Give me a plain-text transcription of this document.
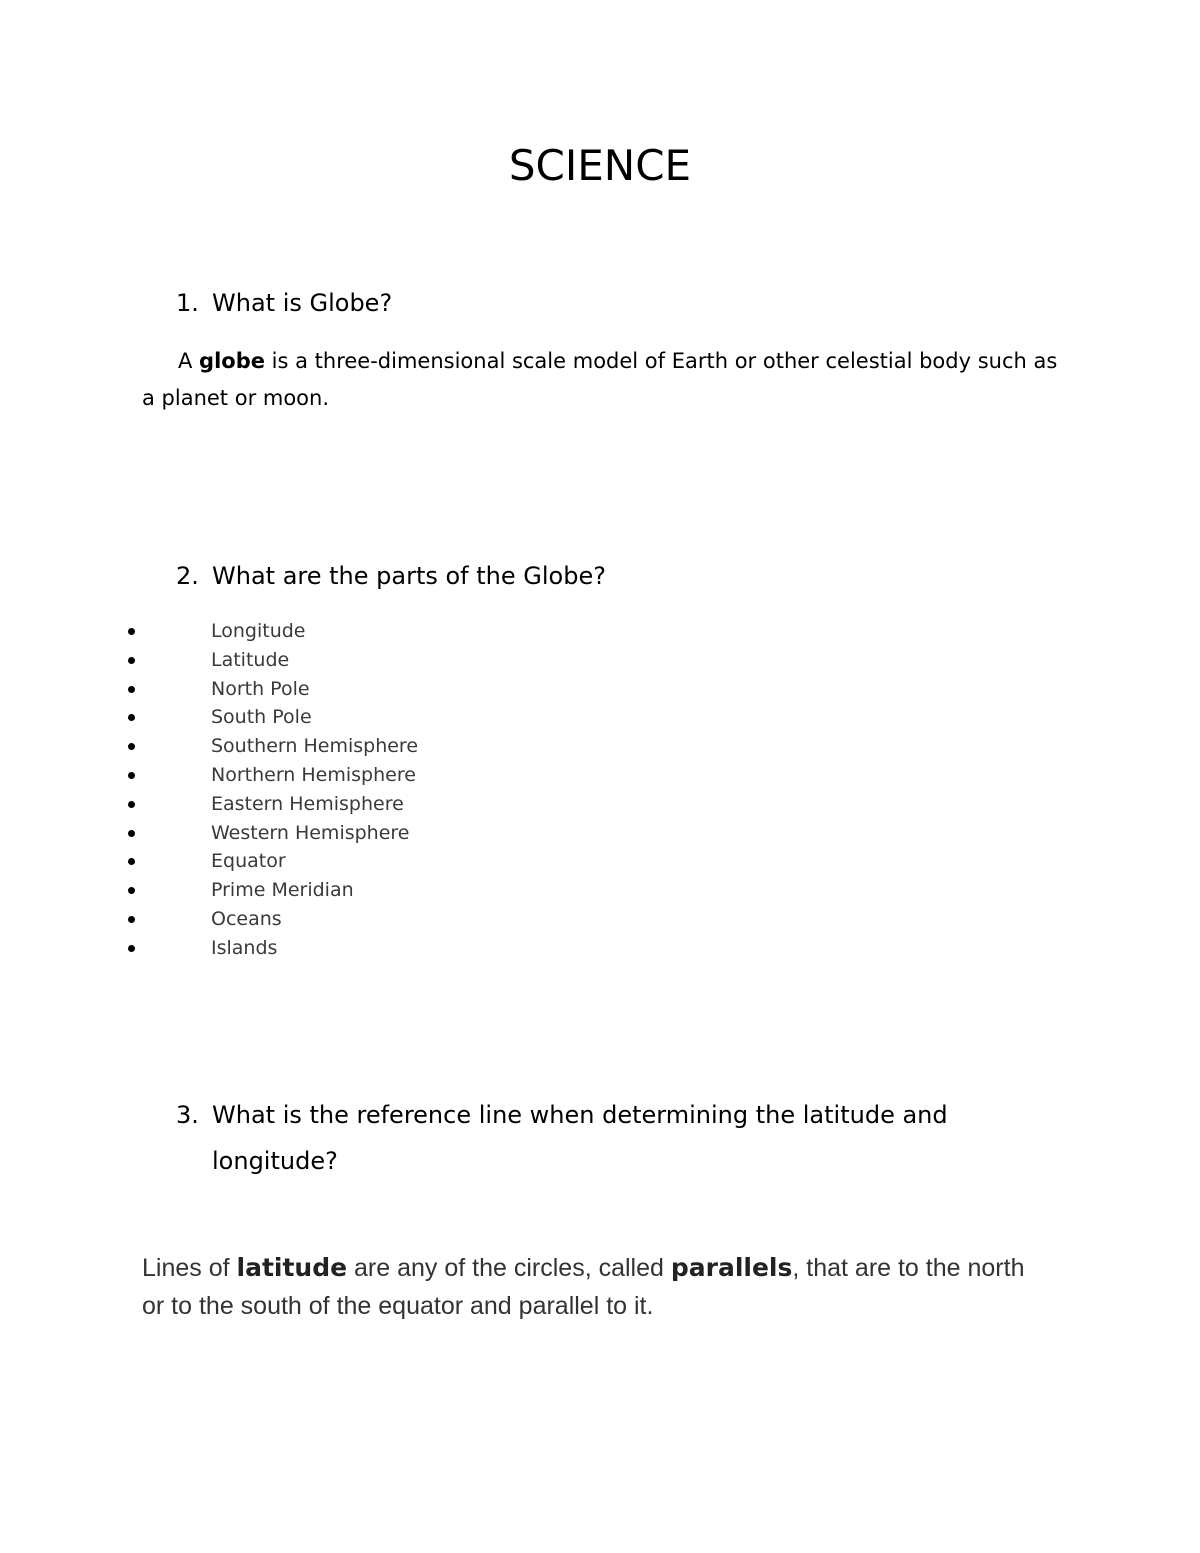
SCIENCE
1. What is Globe?

A globe is a three-dimensional scale model of Earth or other celestial body such as a planet or moon.

2. What are the parts of the Globe?
Longitude
Latitude
North Pole
South Pole
Southern Hemisphere
Northern Hemisphere
Eastern Hemisphere
Western Hemisphere
Equator
Prime Meridian
Oceans
Islands
3. What is the reference line when determining the latitude and longitude?

Lines of latitude are any of the circles, called parallels, that are to the north or to the south of the equator and parallel to it.
